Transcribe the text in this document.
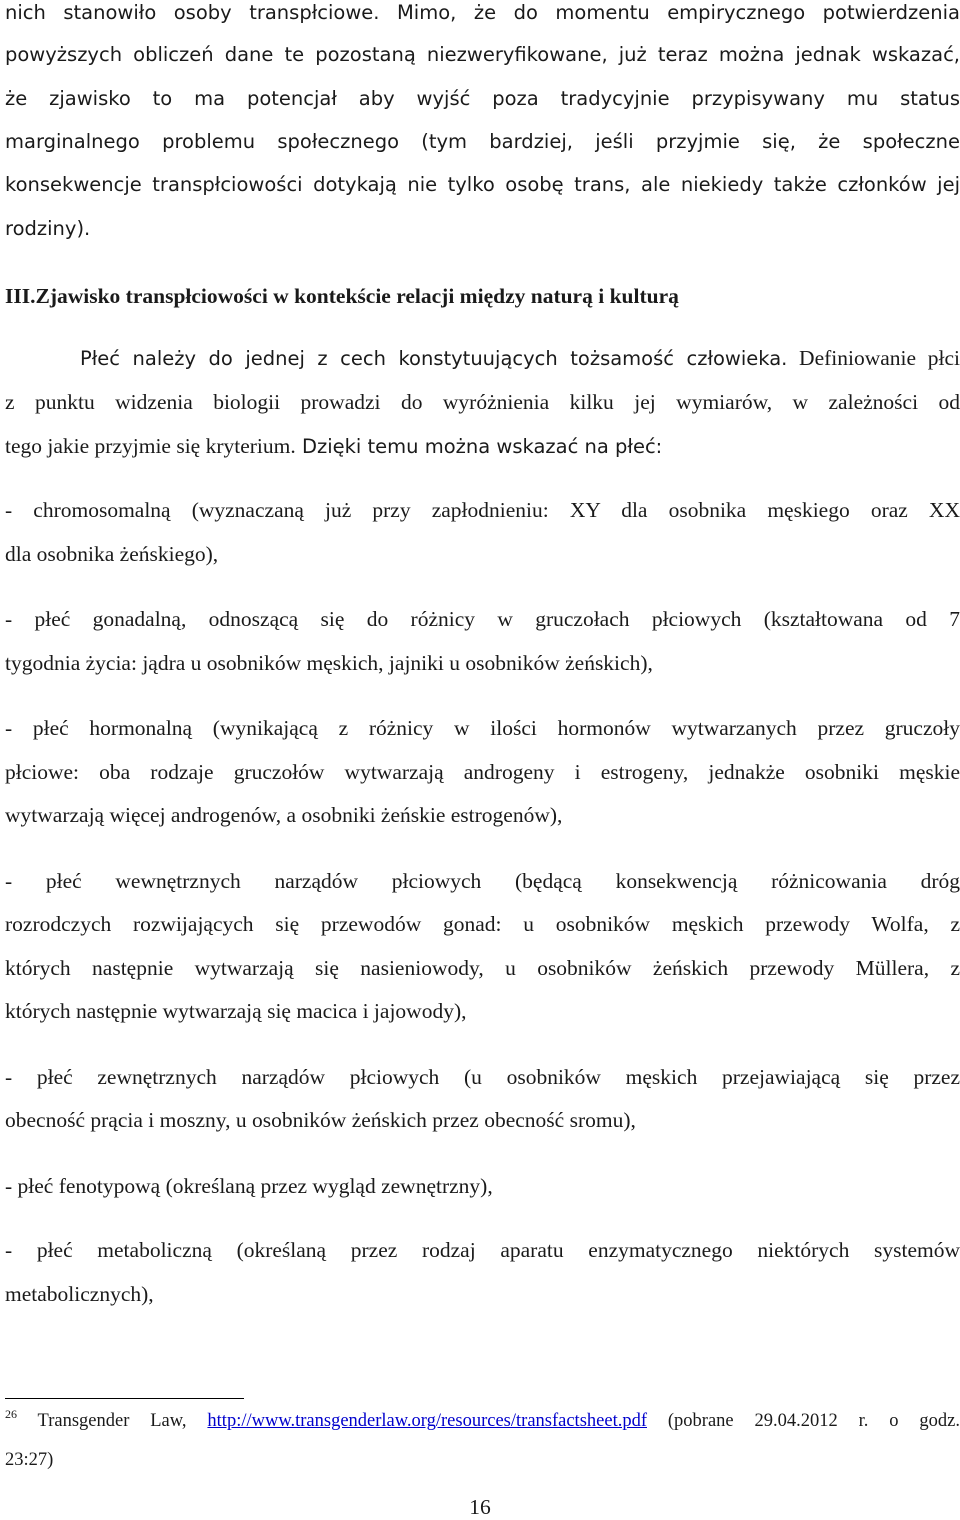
nich stanowiło osoby transpłciowe. Mimo, że do momentu empirycznego potwierdzenia
powyższych obliczeń dane te pozostaną niezweryfikowane, już teraz można jednak wskazać,
że zjawisko to ma potencjał aby wyjść poza tradycyjnie przypisywany mu status
marginalnego problemu społecznego (tym bardziej, jeśli przyjmie się, że społeczne
konsekwencje transpłciowości dotykają nie tylko osobę trans, ale niekiedy także członków jej
rodziny).
III.Zjawisko transpłciowości w kontekście relacji między naturą i kulturą
Płeć należy do jednej z cech konstytuujących tożsamość człowieka. Definiowanie płci
z punktu widzenia biologii prowadzi do wyróżnienia kilku jej wymiarów, w zależności od
tego jakie przyjmie się kryterium. Dzięki temu można wskazać na płeć:
- chromosomalną (wyznaczaną już przy zapłodnieniu: XY dla osobnika męskiego oraz XX
dla osobnika żeńskiego),
- płeć gonadalną, odnoszącą się do różnicy w gruczołach płciowych (kształtowana od 7
tygodnia życia: jądra u osobników męskich, jajniki u osobników żeńskich),
- płeć hormonalną (wynikającą z różnicy w ilości hormonów wytwarzanych przez gruczoły
płciowe: oba rodzaje gruczołów wytwarzają androgeny i estrogeny, jednakże osobniki męskie
wytwarzają więcej androgenów, a osobniki żeńskie estrogenów),
- płeć wewnętrznych narządów płciowych (będącą konsekwencją różnicowania dróg
rozrodczych rozwijających się przewodów gonad: u osobników męskich przewody Wolfa, z
których następnie wytwarzają się nasieniowody, u osobników żeńskich przewody Müllera, z
których następnie wytwarzają się macica i jajowody),
- płeć zewnętrznych narządów płciowych (u osobników męskich przejawiającą się przez
obecność prącia i moszny, u osobników żeńskich przez obecność sromu),
- płeć fenotypową (określaną przez wygląd zewnętrzny),
- płeć metaboliczną (określaną przez rodzaj aparatu enzymatycznego niektórych systemów
metabolicznych),
$^{26}$ Transgender Law, http://www.transgenderlaw.org/resources/transfactsheet.pdf (pobrane 29.04.2012 r. o godz.
23:27)
16
